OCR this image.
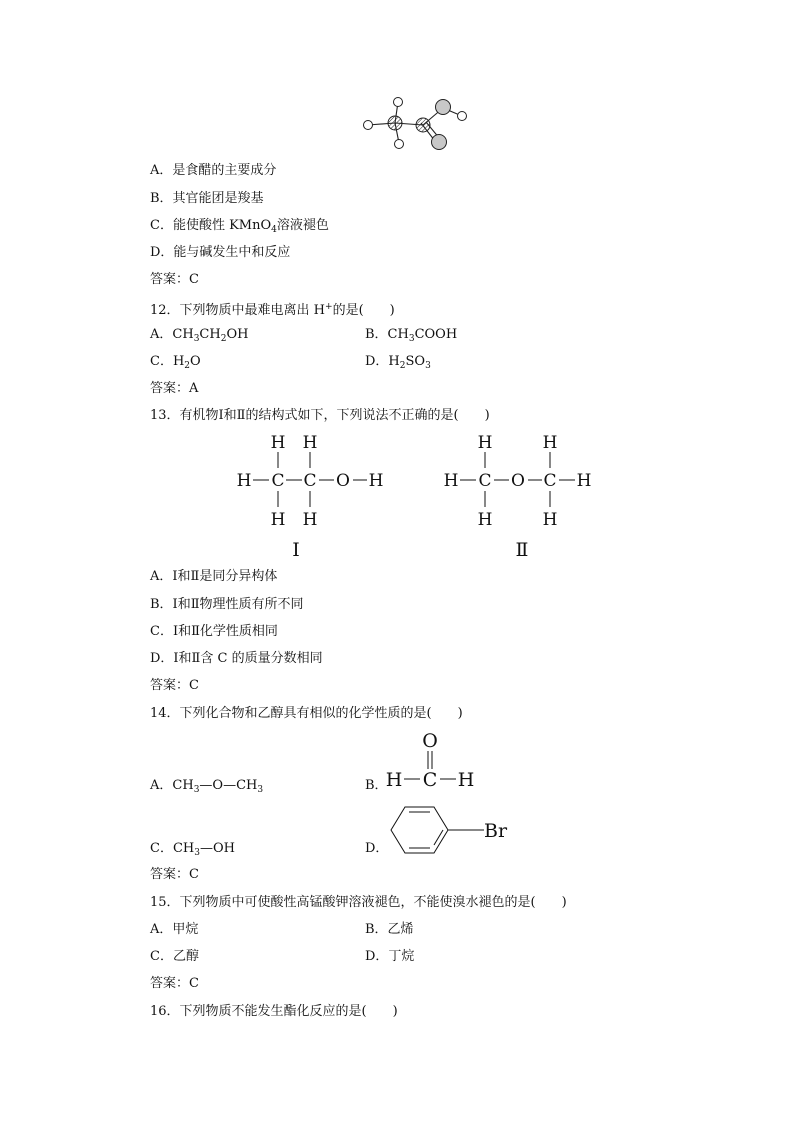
A．是食醋的主要成分
B．其官能团是羧基
C．能使酸性 KMnO$_4$溶液褪色
D．能与碱发生中和反应
答案：C
12．下列物质中最难电离出 H+的是(　　)
A．$CH_3CH_2OH$	B．$CH_3COOH$
C．$H_2O$	D．$H_2SO_3$
答案：A
13．有机物Ⅰ和Ⅱ的结构式如下，下列说法不正确的是(　　)
H H
H C C O H
H H
Ⅰ
H	H
H C O C H
H	H
Ⅱ
A．Ⅰ和Ⅱ是同分异构体
B．Ⅰ和Ⅱ物理性质有所不同
C．Ⅰ和Ⅱ化学性质相同
D．Ⅰ和Ⅱ含 C 的质量分数相同
答案：C
14．下列化合物和乙醇具有相似的化学性质的是(　　)
A．$CH_3—O—CH_3$	B．
O
H C H
C．$CH_3—OH$	D．
Br
答案：C
15．下列物质中可使酸性高锰酸钾溶液褪色，不能使溴水褪色的是(　　)
A．甲烷	B．乙烯
C．乙醇	D．丁烷
答案：C
16．下列物质不能发生酯化反应的是(　　)
